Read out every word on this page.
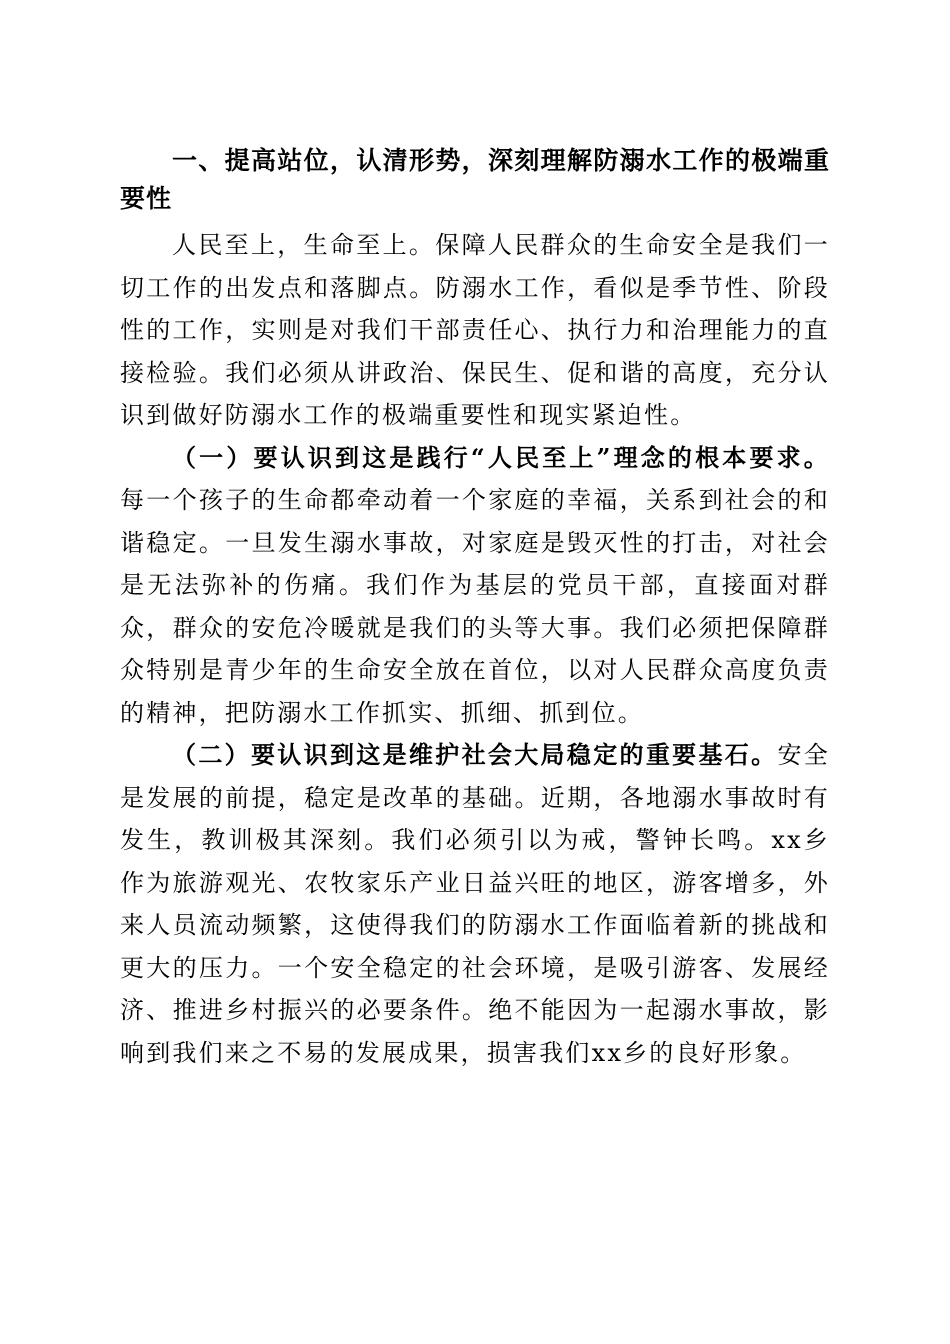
一、提高站位，认清形势，深刻理解防溺水工作的极端重要性

人民至上，生命至上。保障人民群众的生命安全是我们一切工作的出发点和落脚点。防溺水工作，看似是季节性、阶段性的工作，实则是对我们干部责任心、执行力和治理能力的直接检验。我们必须从讲政治、保民生、促和谐的高度，充分认识到做好防溺水工作的极端重要性和现实紧迫性。

（一）要认识到这是践行“人民至上”理念的根本要求。每一个孩子的生命都牵动着一个家庭的幸福，关系到社会的和谐稳定。一旦发生溺水事故，对家庭是毁灭性的打击，对社会是无法弥补的伤痛。我们作为基层的党员干部，直接面对群众，群众的安危冷暖就是我们的头等大事。我们必须把保障群众特别是青少年的生命安全放在首位，以对人民群众高度负责的精神，把防溺水工作抓实、抓细、抓到位。

（二）要认识到这是维护社会大局稳定的重要基石。安全是发展的前提，稳定是改革的基础。近期，各地溺水事故时有发生，教训极其深刻。我们必须引以为戒，警钟长鸣。xx乡作为旅游观光、农牧家乐产业日益兴旺的地区，游客增多，外来人员流动频繁，这使得我们的防溺水工作面临着新的挑战和更大的压力。一个安全稳定的社会环境，是吸引游客、发展经济、推进乡村振兴的必要条件。绝不能因为一起溺水事故，影响到我们来之不易的发展成果，损害我们xx乡的良好形象。
